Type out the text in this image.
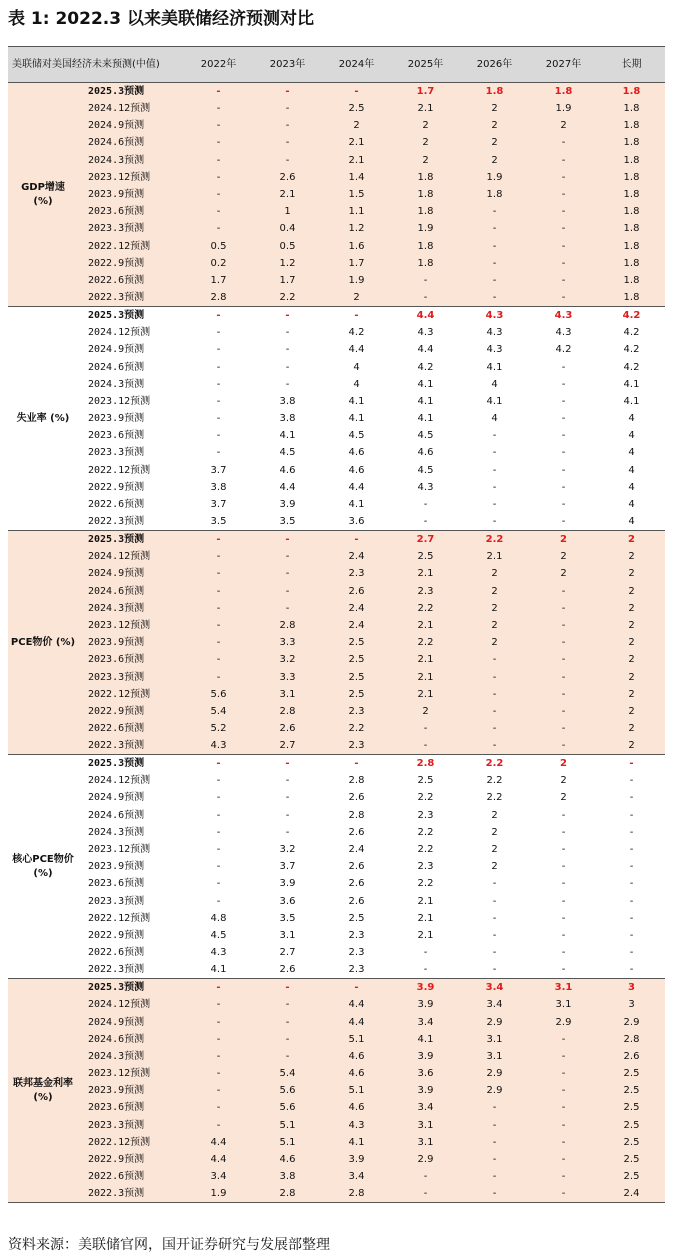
表 1: 2022.3 以来美联储经济预测对比
美联储对美国经济未来预测(中值)		2022年	2023年	2024年	2025年	2026年	2027年	长期
GDP增速 (%)	2025.3预测	-	-	-	1.7	1.8	1.8	1.8
	2024.12预测	-	-	2.5	2.1	2	1.9	1.8
	2024.9预测	-	-	2	2	2	2	1.8
	2024.6预测	-	-	2.1	2	2	-	1.8
	2024.3预测	-	-	2.1	2	2	-	1.8
	2023.12预测	-	2.6	1.4	1.8	1.9	-	1.8
	2023.9预测	-	2.1	1.5	1.8	1.8	-	1.8
	2023.6预测	-	1	1.1	1.8	-	-	1.8
	2023.3预测	-	0.4	1.2	1.9	-	-	1.8
	2022.12预测	0.5	0.5	1.6	1.8	-	-	1.8
	2022.9预测	0.2	1.2	1.7	1.8	-	-	1.8
	2022.6预测	1.7	1.7	1.9	-	-	-	1.8
	2022.3预测	2.8	2.2	2	-	-	-	1.8
失业率 (%)	2025.3预测	-	-	-	4.4	4.3	4.3	4.2
	2024.12预测	-	-	4.2	4.3	4.3	4.3	4.2
	2024.9预测	-	-	4.4	4.4	4.3	4.2	4.2
	2024.6预测	-	-	4	4.2	4.1	-	4.2
	2024.3预测	-	-	4	4.1	4	-	4.1
	2023.12预测	-	3.8	4.1	4.1	4.1	-	4.1
	2023.9预测	-	3.8	4.1	4.1	4	-	4
	2023.6预测	-	4.1	4.5	4.5	-	-	4
	2023.3预测	-	4.5	4.6	4.6	-	-	4
	2022.12预测	3.7	4.6	4.6	4.5	-	-	4
	2022.9预测	3.8	4.4	4.4	4.3	-	-	4
	2022.6预测	3.7	3.9	4.1	-	-	-	4
	2022.3预测	3.5	3.5	3.6	-	-	-	4
PCE物价 (%)	2025.3预测	-	-	-	2.7	2.2	2	2
	2024.12预测	-	-	2.4	2.5	2.1	2	2
	2024.9预测	-	-	2.3	2.1	2	2	2
	2024.6预测	-	-	2.6	2.3	2	-	2
	2024.3预测	-	-	2.4	2.2	2	-	2
	2023.12预测	-	2.8	2.4	2.1	2	-	2
	2023.9预测	-	3.3	2.5	2.2	2	-	2
	2023.6预测	-	3.2	2.5	2.1	-	-	2
	2023.3预测	-	3.3	2.5	2.1	-	-	2
	2022.12预测	5.6	3.1	2.5	2.1	-	-	2
	2022.9预测	5.4	2.8	2.3	2	-	-	2
	2022.6预测	5.2	2.6	2.2	-	-	-	2
	2022.3预测	4.3	2.7	2.3	-	-	-	2
核心PCE物价 (%)	2025.3预测	-	-	-	2.8	2.2	2	-
	2024.12预测	-	-	2.8	2.5	2.2	2	-
	2024.9预测	-	-	2.6	2.2	2.2	2	-
	2024.6预测	-	-	2.8	2.3	2	-	-
	2024.3预测	-	-	2.6	2.2	2	-	-
	2023.12预测	-	3.2	2.4	2.2	2	-	-
	2023.9预测	-	3.7	2.6	2.3	2	-	-
	2023.6预测	-	3.9	2.6	2.2	-	-	-
	2023.3预测	-	3.6	2.6	2.1	-	-	-
	2022.12预测	4.8	3.5	2.5	2.1	-	-	-
	2022.9预测	4.5	3.1	2.3	2.1	-	-	-
	2022.6预测	4.3	2.7	2.3	-	-	-	-
	2022.3预测	4.1	2.6	2.3	-	-	-	-
联邦基金利率 (%)	2025.3预测	-	-	-	3.9	3.4	3.1	3
	2024.12预测	-	-	4.4	3.9	3.4	3.1	3
	2024.9预测	-	-	4.4	3.4	2.9	2.9	2.9
	2024.6预测	-	-	5.1	4.1	3.1	-	2.8
	2024.3预测	-	-	4.6	3.9	3.1	-	2.6
	2023.12预测	-	5.4	4.6	3.6	2.9	-	2.5
	2023.9预测	-	5.6	5.1	3.9	2.9	-	2.5
	2023.6预测	-	5.6	4.6	3.4	-	-	2.5
	2023.3预测	-	5.1	4.3	3.1	-	-	2.5
	2022.12预测	4.4	5.1	4.1	3.1	-	-	2.5
	2022.9预测	4.4	4.6	3.9	2.9	-	-	2.5
	2022.6预测	3.4	3.8	3.4	-	-	-	2.5
	2022.3预测	1.9	2.8	2.8	-	-	-	2.4
资料来源：美联储官网，国开证券研究与发展部整理
